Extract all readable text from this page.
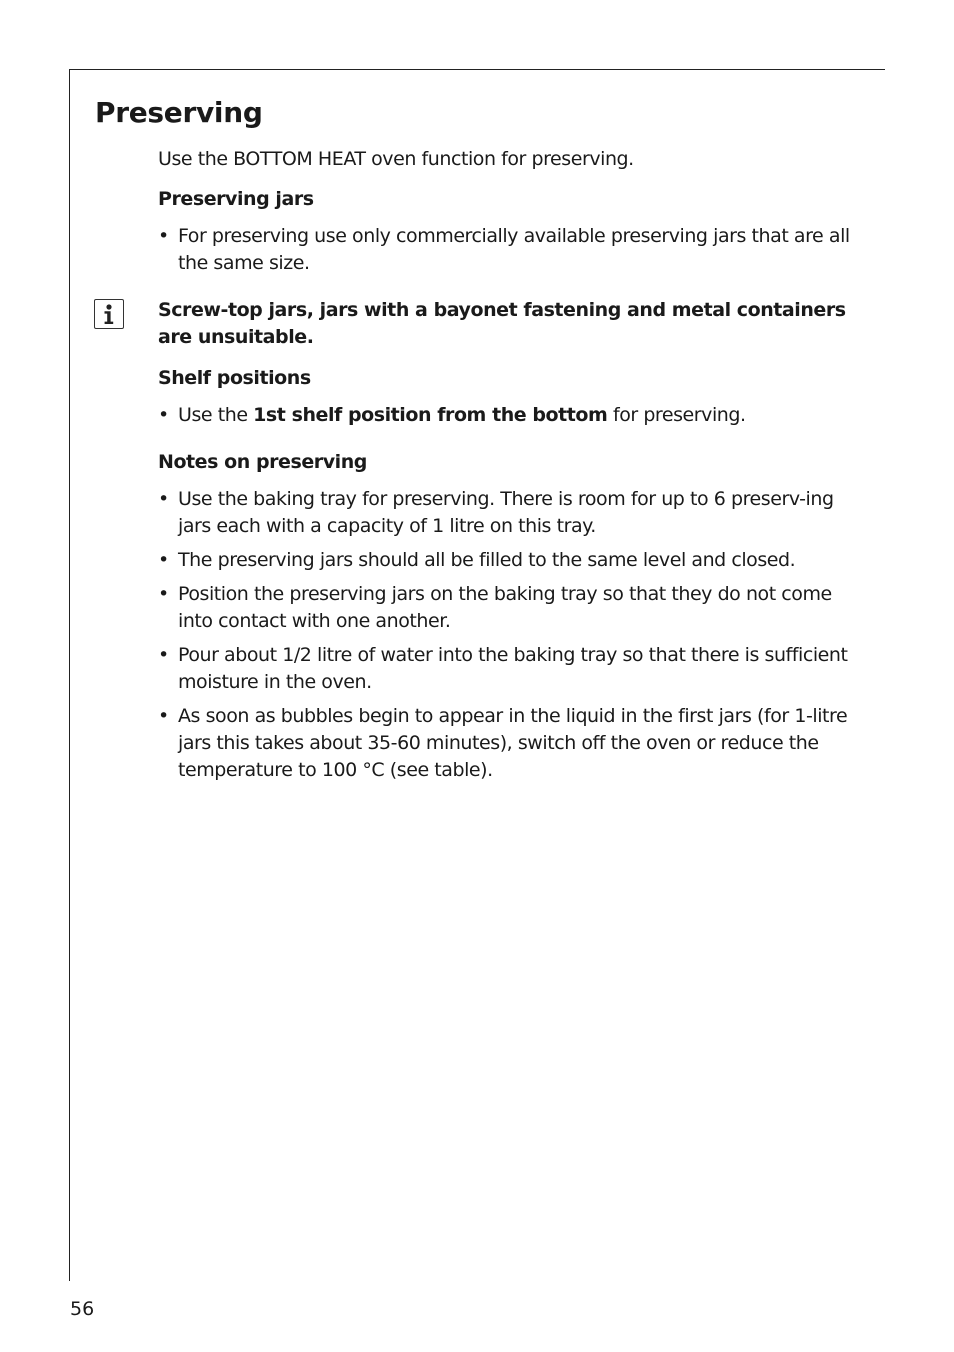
Preserving

Use the BOTTOM HEAT oven function for preserving.

Preserving jars

• For preserving use only commercially available preserving jars that are all the same size.

Screw-top jars, jars with a bayonet fastening and metal containers are unsuitable.

Shelf positions

• Use the 1st shelf position from the bottom for preserving.

Notes on preserving

• Use the baking tray for preserving. There is room for up to 6 preserv-ing jars each with a capacity of 1 litre on this tray.
• The preserving jars should all be filled to the same level and closed.
• Position the preserving jars on the baking tray so that they do not come into contact with one another.
• Pour about 1/2 litre of water into the baking tray so that there is sufficient moisture in the oven.
• As soon as bubbles begin to appear in the liquid in the first jars (for 1-litre jars this takes about 35-60 minutes), switch off the oven or reduce the temperature to 100 °C (see table).
56
